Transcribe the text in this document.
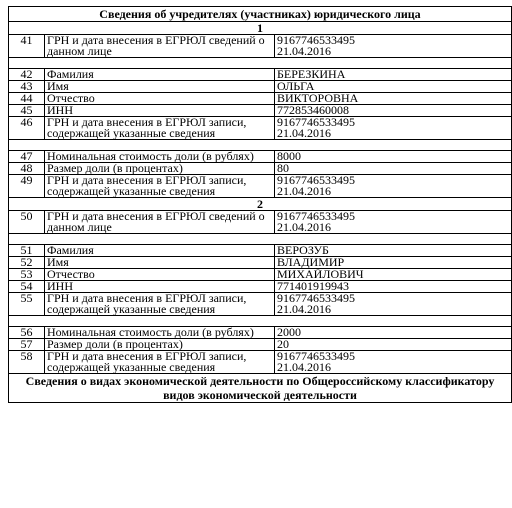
Сведения об учредителях (участниках) юридического лица		
1		
41	ГРН и дата внесения в ЕГРЮЛ сведений о данном лице	9167746533495
21.04.2016

42	Фамилия	БЕРЕЗКИНА
43	Имя	ОЛЬГА
44	Отчество	ВИКТОРОВНА
45	ИНН	772853460008
46	ГРН и дата внесения в ЕГРЮЛ записи, содержащей указанные сведения	9167746533495
21.04.2016

47	Номинальная стоимость доли (в рублях)	8000
48	Размер доли (в процентах)	80
49	ГРН и дата внесения в ЕГРЮЛ записи, содержащей указанные сведения	9167746533495
21.04.2016
2		
50	ГРН и дата внесения в ЕГРЮЛ сведений о данном лице	9167746533495
21.04.2016

51	Фамилия	ВЕРОЗУБ
52	Имя	ВЛАДИМИР
53	Отчество	МИХАЙЛОВИЧ
54	ИНН	771401919943
55	ГРН и дата внесения в ЕГРЮЛ записи, содержащей указанные сведения	9167746533495
21.04.2016

56	Номинальная стоимость доли (в рублях)	2000
57	Размер доли (в процентах)	20
58	ГРН и дата внесения в ЕГРЮЛ записи, содержащей указанные сведения	9167746533495
21.04.2016
Сведения о видах экономической деятельности по Общероссийскому классификатору видов экономической деятельности		
